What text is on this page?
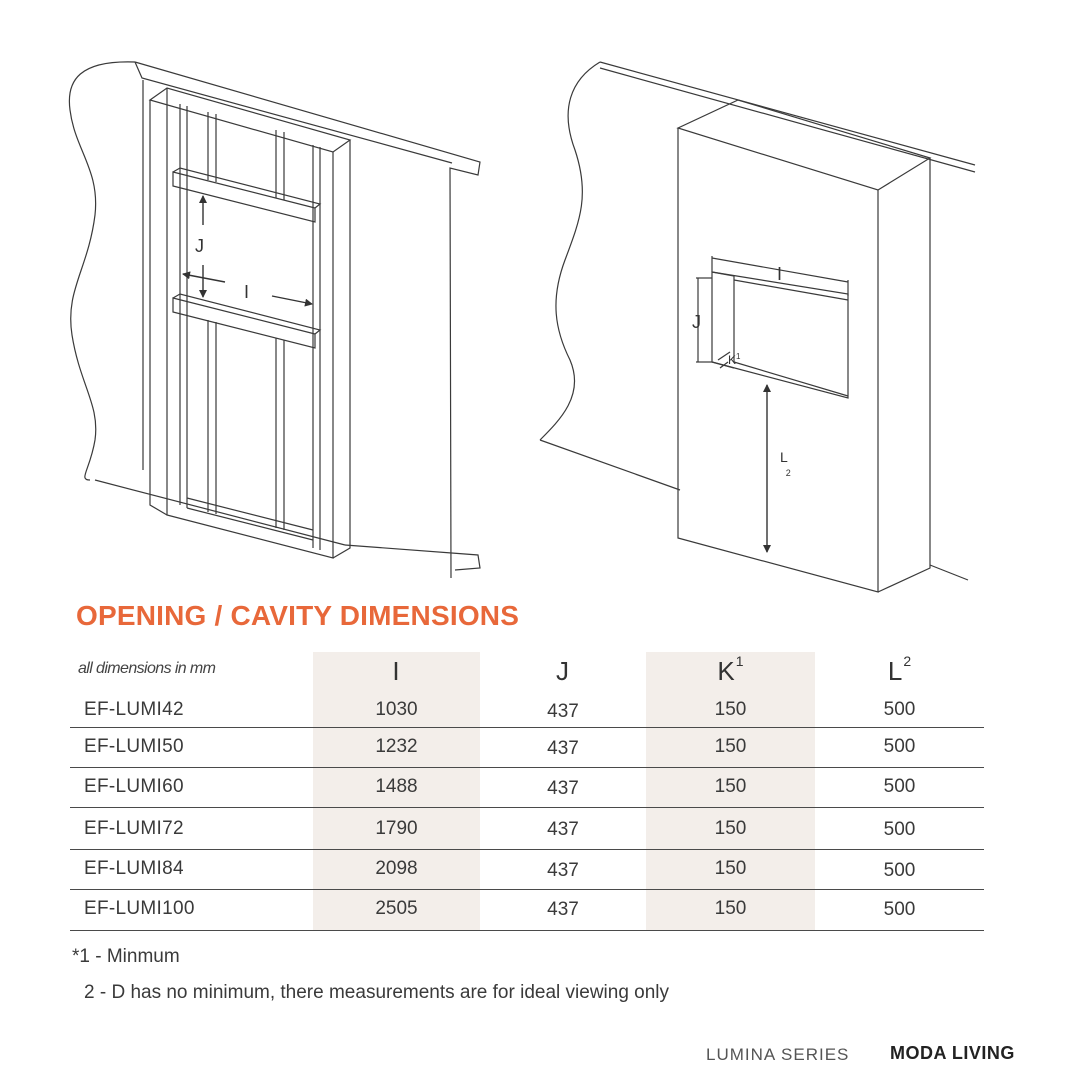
J
I
I
J
$K^1$
L 2
OPENING / CAVITY DIMENSIONS
all dimensions in mm	I	J	$K^1$	$L^2$
EF-LUMI42	1030	437	150	500
EF-LUMI50	1232	437	150	500
EF-LUMI60	1488	437	150	500
EF-LUMI72	1790	437	150	500
EF-LUMI84	2098	437	150	500
EF-LUMI100	2505	437	150	500
*1 - Minmum
2 - D has no minimum, there measurements are for ideal viewing only
LUMINA SERIES MODA LIVING
